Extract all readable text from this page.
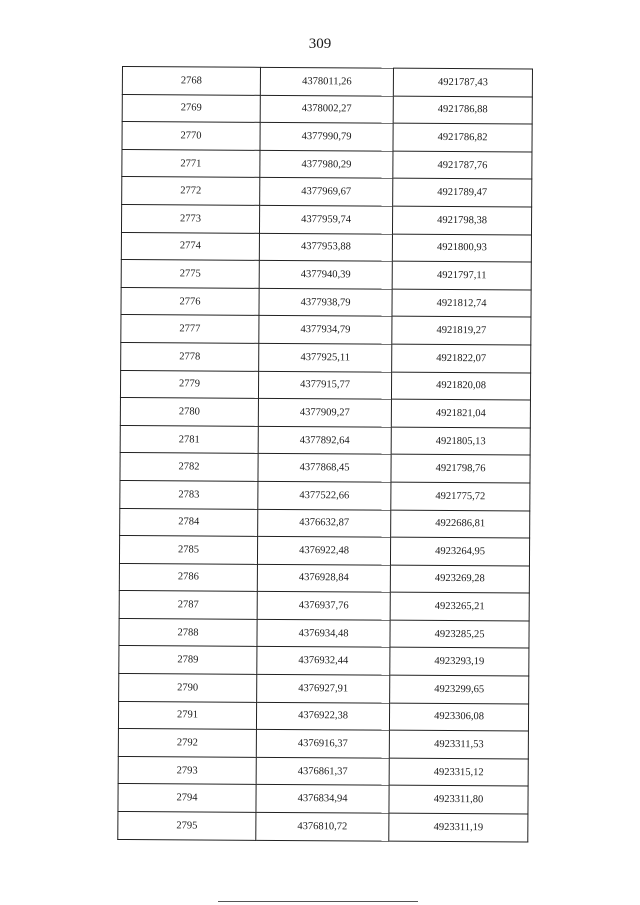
309
2768	4378011,26	4921787,43
2769	4378002,27	4921786,88
2770	4377990,79	4921786,82
2771	4377980,29	4921787,76
2772	4377969,67	4921789,47
2773	4377959,74	4921798,38
2774	4377953,88	4921800,93
2775	4377940,39	4921797,11
2776	4377938,79	4921812,74
2777	4377934,79	4921819,27
2778	4377925,11	4921822,07
2779	4377915,77	4921820,08
2780	4377909,27	4921821,04
2781	4377892,64	4921805,13
2782	4377868,45	4921798,76
2783	4377522,66	4921775,72
2784	4376632,87	4922686,81
2785	4376922,48	4923264,95
2786	4376928,84	4923269,28
2787	4376937,76	4923265,21
2788	4376934,48	4923285,25
2789	4376932,44	4923293,19
2790	4376927,91	4923299,65
2791	4376922,38	4923306,08
2792	4376916,37	4923311,53
2793	4376861,37	4923315,12
2794	4376834,94	4923311,80
2795	4376810,72	4923311,19
